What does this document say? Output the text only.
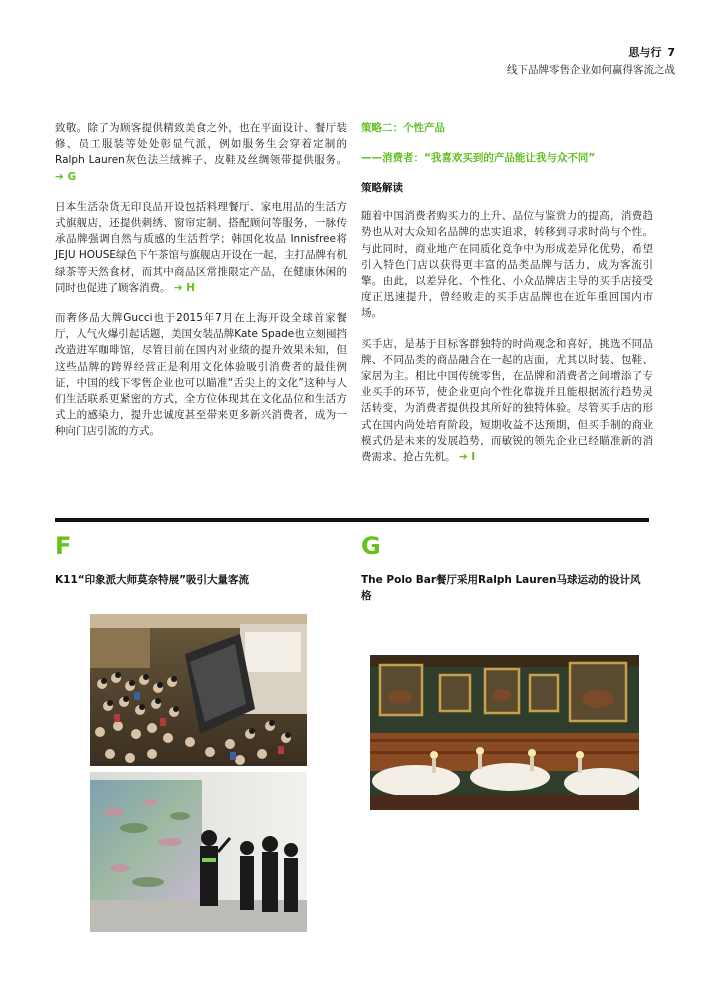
思与行 7
线下品牌零售企业如何赢得客流之战

致敬。除了为顾客提供精致美食之外，也在平面设计、餐厅装修、员工服装等处处彰显气派，例如服务生会穿着定制的Ralph Lauren灰色法兰绒裤子、皮鞋及丝绸领带提供服务。 ➔ G

日本生活杂货无印良品开设包括料理餐厅、家电用品的生活方式旗舰店，还提供刺绣、窗帘定制、搭配顾问等服务，一脉传承品牌强调自然与质感的生活哲学；韩国化妆品 Innisfree将JEJU HOUSE绿色下午茶馆与旗舰店开设在一起，主打品牌有机绿茶等天然食材，而其中商品区常推限定产品，在健康休闲的同时也促进了顾客消费。 ➔ H

而奢侈品大牌Gucci也于2015年7月在上海开设全球首家餐厅，人气火爆引起话题，美国女装品牌Kate Spade也立刻囤挡改造进军咖啡馆，尽管目前在国内对业绩的提升效果未知，但这些品牌的跨界经营正是利用文化体验吸引消费者的最佳例证，中国的线下零售企业也可以瞄准“舌尖上的文化”这种与人们生活联系更紧密的方式，全方位体现其在文化品位和生活方式上的感染力，提升忠诚度甚至带来更多新兴消费者，成为一种向门店引流的方式。

策略二：个性产品

——消费者：“我喜欢买到的产品能让我与众不同”

策略解读

随着中国消费者购买力的上升、品位与鉴赏力的提高，消费趋势也从对大众知名品牌的忠实追求，转移到寻求时尚与个性。与此同时，商业地产在同质化竞争中为形成差异化优势，希望引入特色门店以获得更丰富的品类品牌与活力，成为客流引擎。由此，以差异化、个性化、小众品牌店主导的买手店接受度正迅速提升，曾经败走的买手店品牌也在近年重回国内市场。

买手店，是基于目标客群独特的时尚观念和喜好，挑选不同品牌、不同品类的商品融合在一起的店面，尤其以时装、包鞋、家居为主。相比中国传统零售，在品牌和消费者之间增添了专业买手的环节，使企业更向个性化靠拢并且能根据流行趋势灵活转变，为消费者提供投其所好的独特体验。尽管买手店的形式在国内尚处培育阶段，短期收益不达预期，但买手制的商业模式仍是未来的发展趋势，而敏锐的领先企业已经瞄准新的消费需求、抢占先机。 ➔ I

F	G
K11“印象派大师莫奈特展”吸引大量客流	The Polo Bar餐厅采用Ralph Lauren马球运动的设计风格
